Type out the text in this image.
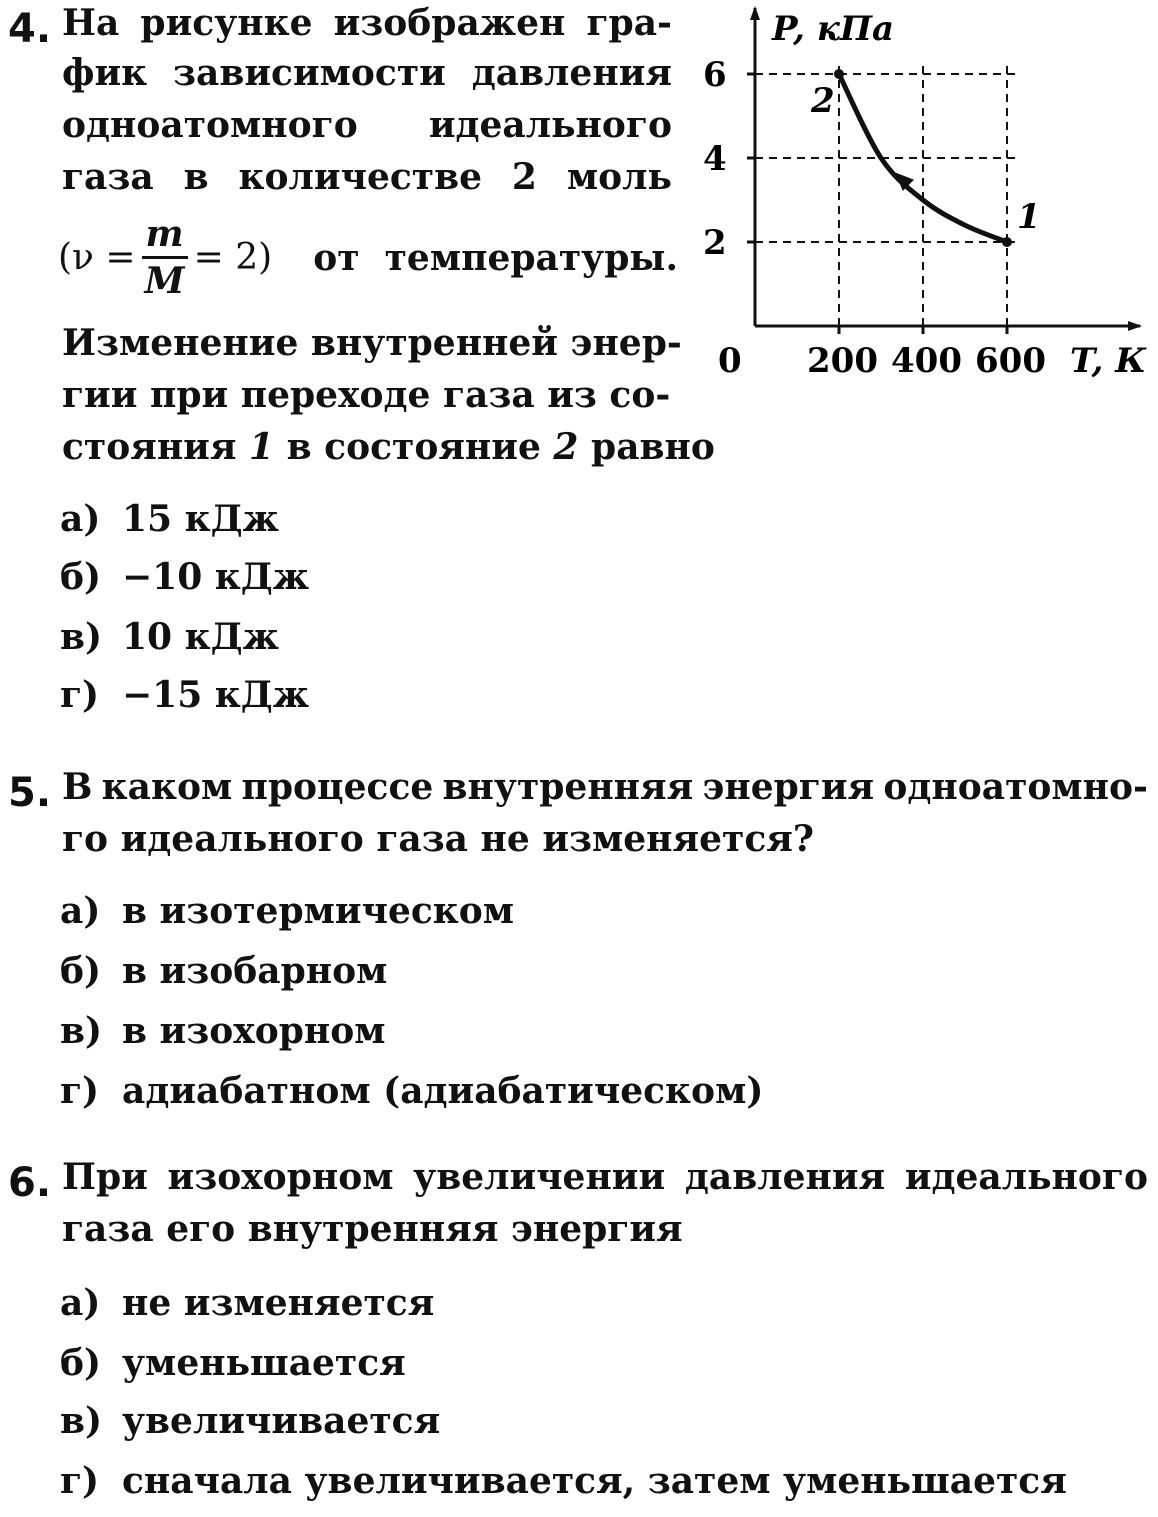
4. На рисунке изображен гра-
фик зависимости давления
одноатомного идеального
газа в количестве 2 моль
$(\nu = \frac{m}{M} = 2)$ от  температуры.
Изменение внутренней энер-
гии при переходе газа из со-
стояния 1 в состояние 2 равно
а) 15 кДж
б) −10 кДж
в) 10 кДж
г) −15 кДж
P, кПа
T, К
0
2
4
6
200 400 600
1
2
5. В каком процессе внутренняя энергия одноатомно-
го идеального газа не изменяется?
а) в изотермическом
б) в изобарном
в) в изохорном
г) адиабатном (адиабатическом)
6. При изохорном увеличении давления идеального
газа его внутренняя энергия
а) не изменяется
б) уменьшается
в) увеличивается
г) сначала увеличивается, затем уменьшается
